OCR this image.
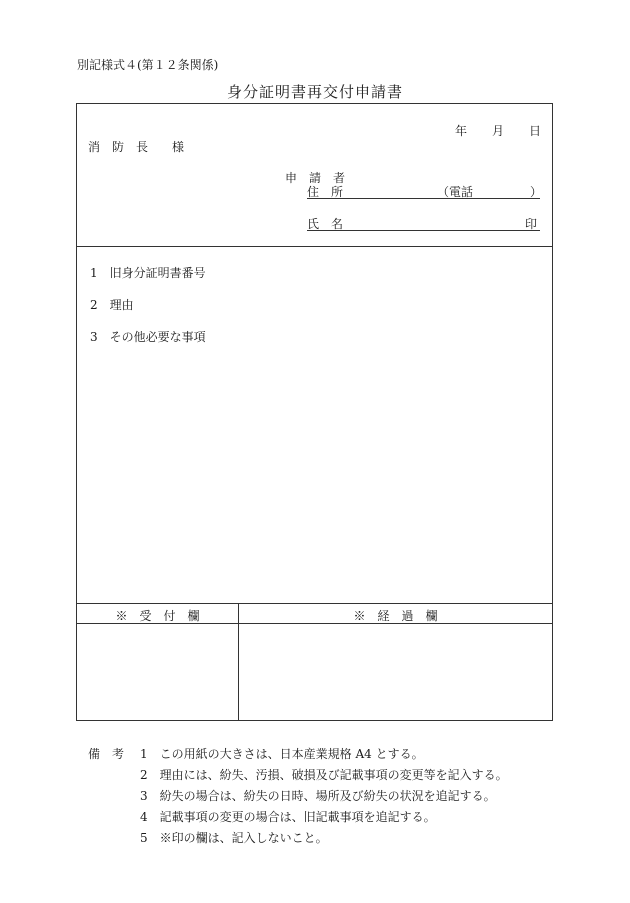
別記様式４(第１２条関係)
身分証明書再交付申請書
年 月 日
消　防　長　　様
申　請　者
住　所	（電話	）
氏　名	印
1　 旧身分証明書番号
2　 理由
3　 その他必要な事項
※　受　付　欄	※　経　過　欄
備　考 1　 この用紙の大きさは、日本産業規格 A4 とする。
2　 理由には、紛失、汚損、破損及び記載事項の変更等を記入する。
3　 紛失の場合は、紛失の日時、場所及び紛失の状況を追記する。
4　 記載事項の変更の場合は、旧記載事項を追記する。
5　 ※印の欄は、記入しないこと。
